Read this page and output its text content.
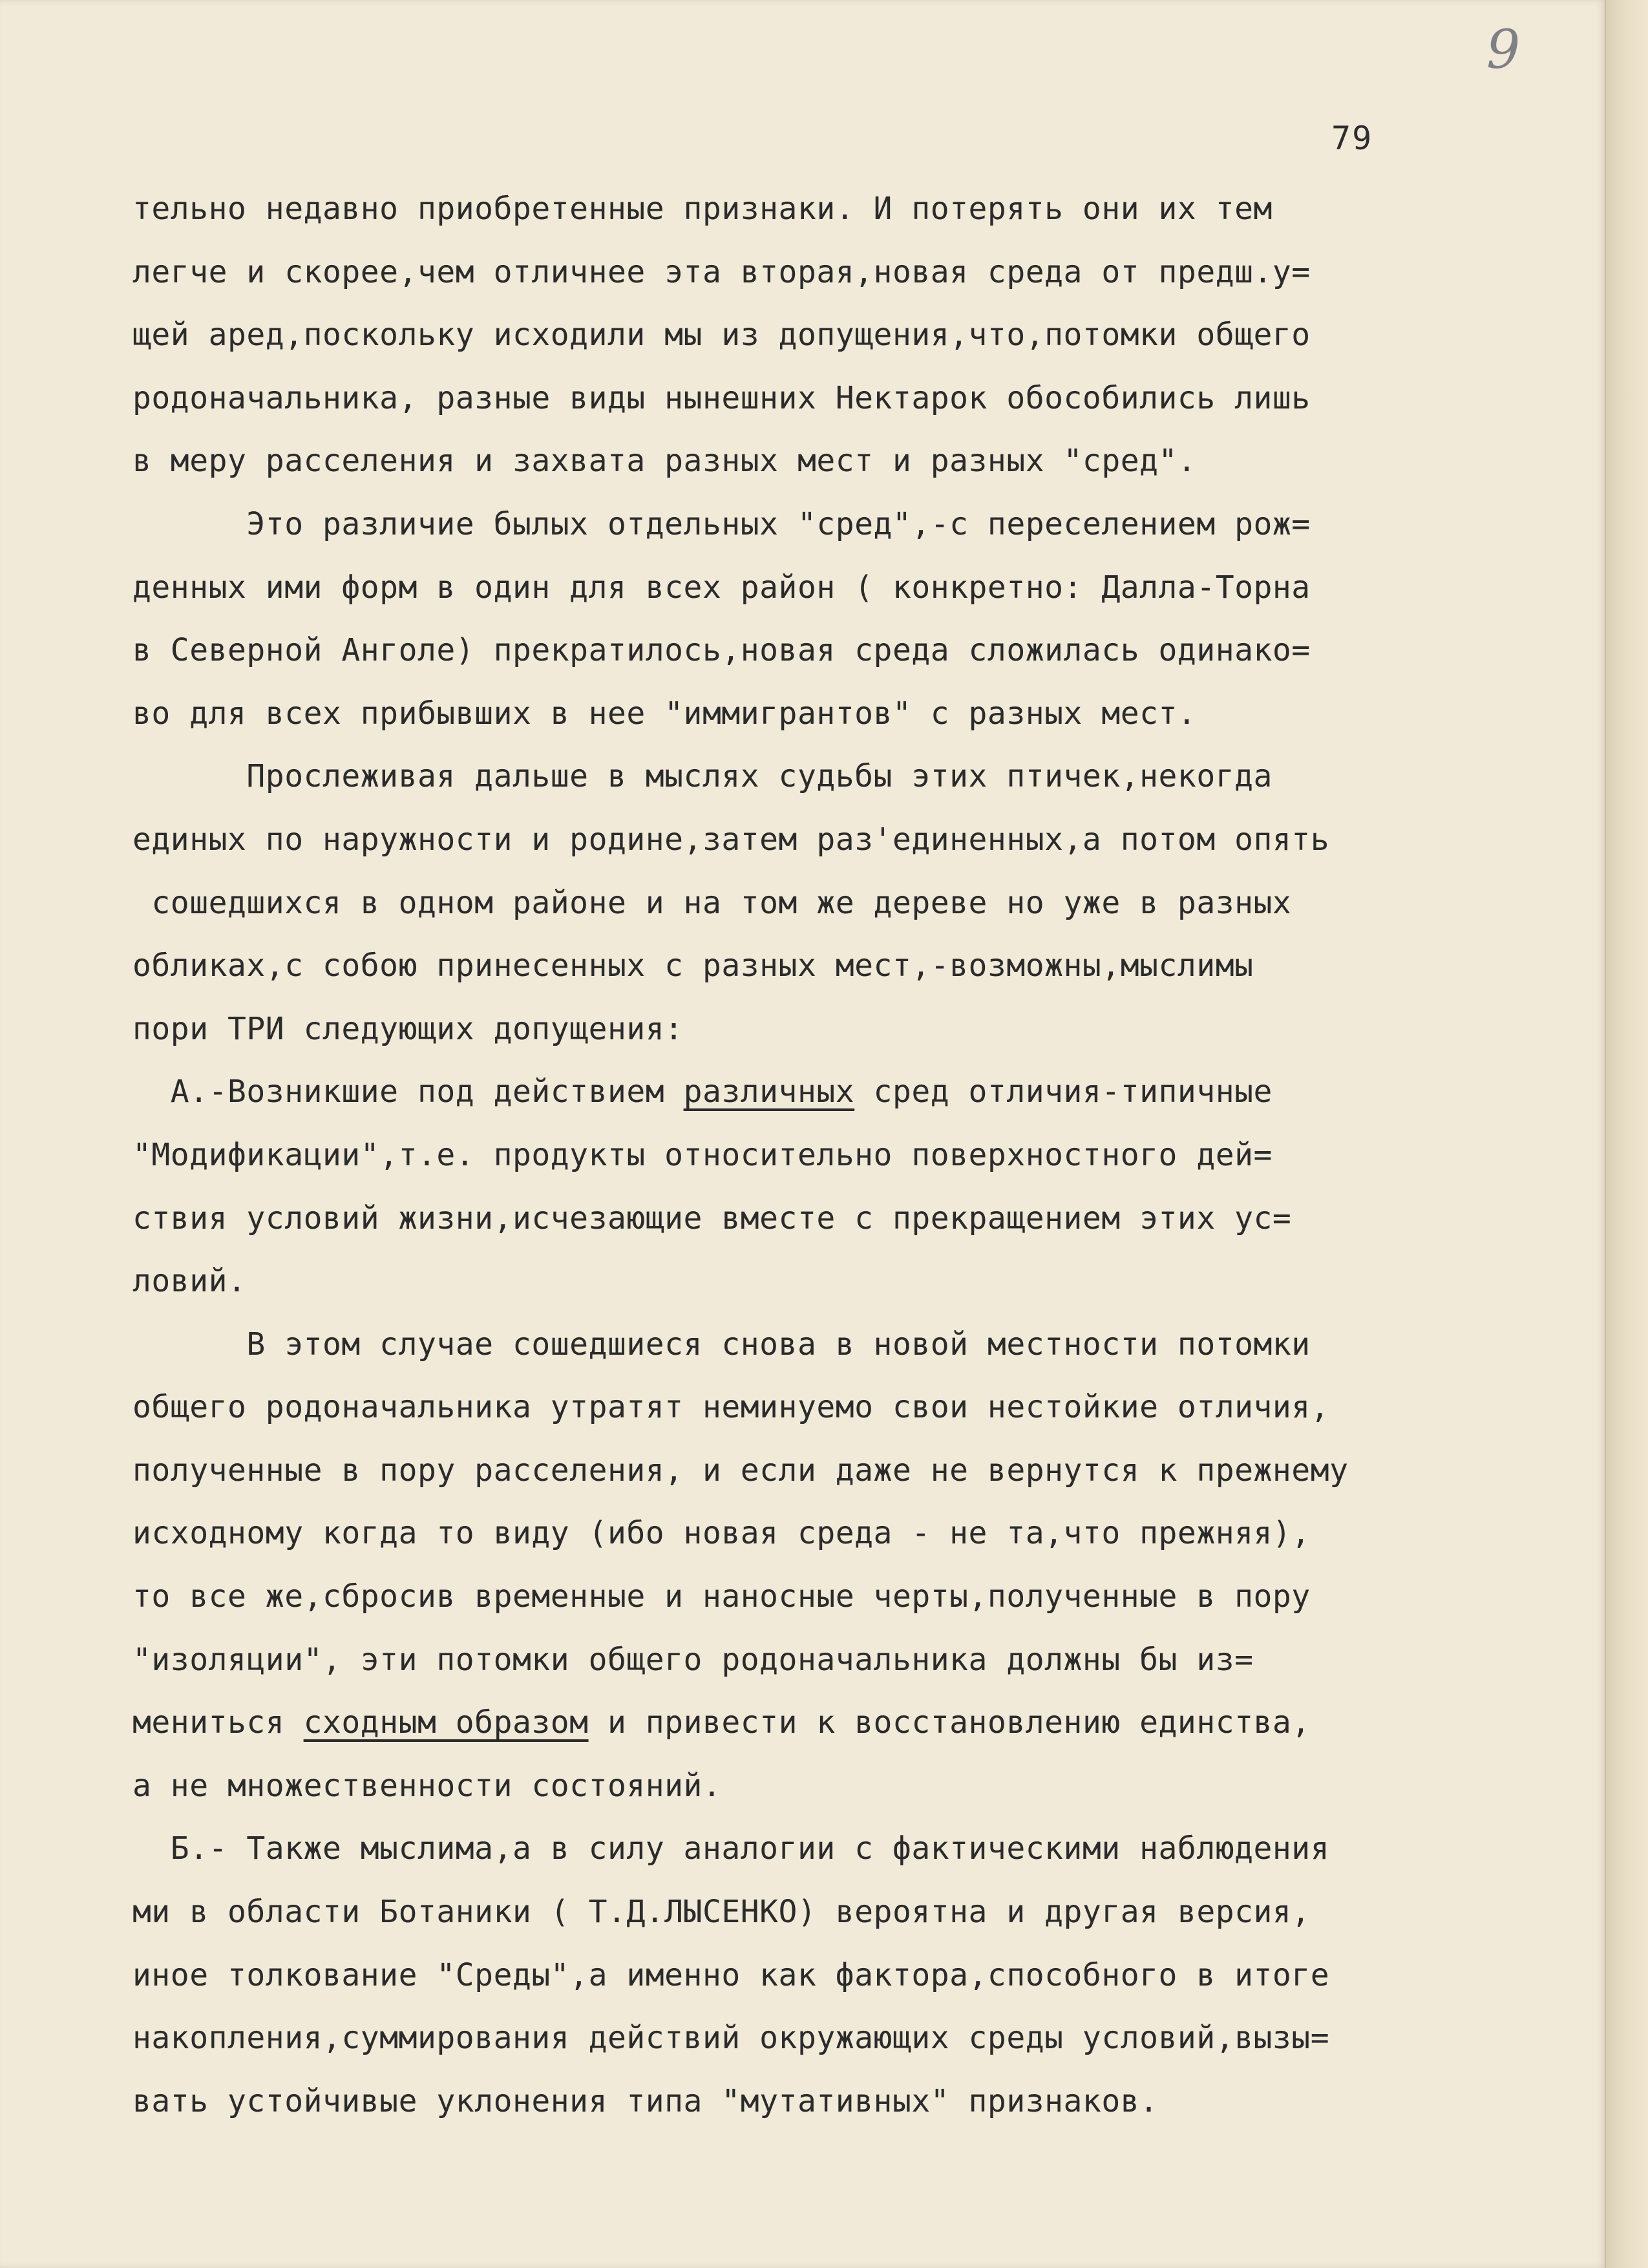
9
79
тельно недавно приобретенные признаки. И потерять они их тем
легче и скорее,чем отличнее эта вторая,новая среда от предш.у=
щей аред,поскольку исходили мы из допущения,что,потомки общего
родоначальника, разные виды нынешних Нектарок обособились лишь
в меру расселения и захвата разных мест и разных "сред".
Это различие былых отдельных "сред",-с переселением рож=
денных ими форм в один для всех район ( конкретно: Далла-Торна
в Северной Анголе) прекратилось,новая среда сложилась одинако=
во для всех прибывших в нее "иммигрантов" с разных мест.
Прослеживая дальше в мыслях судьбы этих птичек,некогда
единых по наружности и родине,затем раз'единенных,а потом опять
сошедшихся в одном районе и на том же дереве но уже в разных
обликах,с собою принесенных с разных мест,-возможны,мыслимы
пори ТРИ следующих допущения:
А.-Возникшие под действием различных сред отличия-типичные
"Модификации",т.е. продукты относительно поверхностного дей=
ствия условий жизни,исчезающие вместе с прекращением этих ус=
ловий.
В этом случае сошедшиеся снова в новой местности потомки
общего родоначальника утратят неминуемо свои нестойкие отличия,
полученные в пору расселения, и если даже не вернутся к прежнему
исходному когда то виду (ибо новая среда - не та,что прежняя),
то все же,сбросив временные и наносные черты,полученные в пору
"изоляции", эти потомки общего родоначальника должны бы из=
мениться сходным образом и привести к восстановлению единства,
а не множественности состояний.
Б.- Также мыслима,а в силу аналогии с фактическими наблюдения
ми в области Ботаники ( Т.Д.ЛЫСЕНКО) вероятна и другая версия,
иное толкование "Среды",а именно как фактора,способного в итоге
накопления,суммирования действий окружающих среды условий,вызы=
вать устойчивые уклонения типа "мутативных" признаков.
